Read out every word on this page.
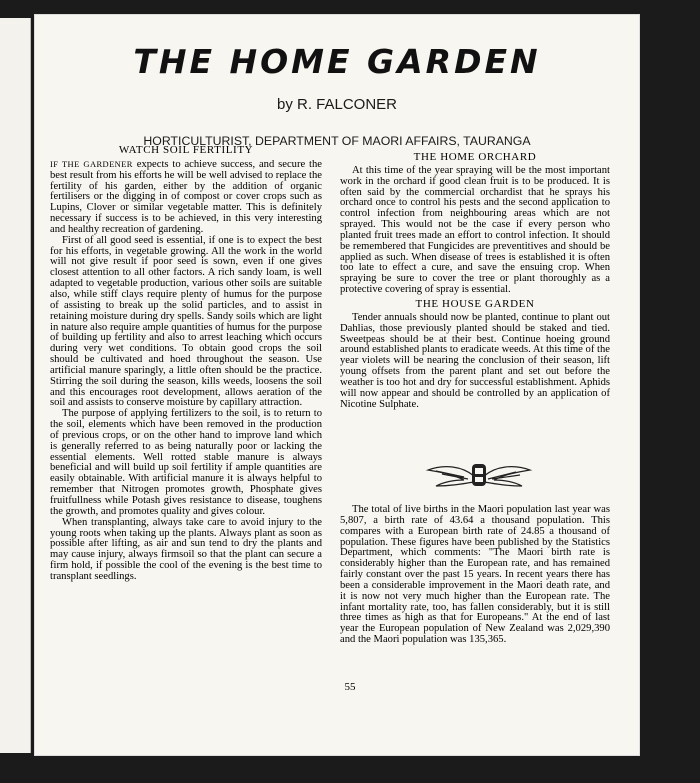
THE HOME GARDEN

by R. FALCONER

HORTICULTURIST, DEPARTMENT OF MAORI AFFAIRS, TAURANGA

WATCH SOIL FERTILITY

IF THE GARDENER expects to achieve success, and secure the best result from his efforts he will be well advised to replace the fertility of his garden, either by the addition of organic fertilisers or the digging in of compost or cover crops such as Lupins, Clover or similar vegetable matter. This is definitely necessary if success is to be achieved, in this very interesting and healthy recreation of gardening.

First of all good seed is essential, if one is to expect the best for his efforts, in vegetable growing. All the work in the world will not give result if poor seed is sown, even if one gives closest attention to all other factors. A rich sandy loam, is well adapted to vegetable production, various other soils are suitable also, while stiff clays require plenty of humus for the purpose of assisting to break up the solid particles, and to assist in retaining moisture during dry spells. Sandy soils which are light in nature also require ample quantities of humus for the purpose of building up fertility and also to arrest leaching which occurs during very wet conditions. To obtain good crops the soil should be cultivated and hoed throughout the season. Use artificial manure sparingly, a little often should be the practice. Stirring the soil during the season, kills weeds, loosens the soil and this encourages root development, allows aeration of the soil and assists to conserve moisture by capillary attraction.

The purpose of applying fertilizers to the soil, is to return to the soil, elements which have been removed in the production of previous crops, or on the other hand to improve land which is generally referred to as being naturally poor or lacking the essential elements. Well rotted stable manure is always beneficial and will build up soil fertility if ample quantities are easily obtainable. With artificial manure it is always helpful to remember that Nitrogen promotes growth, Phosphate gives fruitfullness while Potash gives resistance to disease, toughens the growth, and promotes quality and gives colour.

When transplanting, always take care to avoid injury to the young roots when taking up the plants. Always plant as soon as possible after lifting, as air and sun tend to dry the plants and may cause injury, always firmsoil so that the plant can secure a firm hold, if possible the cool of the evening is the best time to transplant seedlings.

THE HOME ORCHARD

At this time of the year spraying will be the most important work in the orchard if good clean fruit is to be produced. It is often said by the commercial orchardist that he sprays his orchard once to control his pests and the second application to control infection from neighbouring areas which are not sprayed. This would not be the case if every person who planted fruit trees made an effort to control infection. It should be remembered that Fungicides are preventitives and should be applied as such. When disease of trees is established it is often too late to effect a cure, and save the ensuing crop. When spraying be sure to cover the tree or plant thoroughly as a protective covering of spray is essential.

THE HOUSE GARDEN

Tender annuals should now be planted, continue to plant out Dahlias, those previously planted should be staked and tied. Sweetpeas should be at their best. Continue hoeing ground around established plants to eradicate weeds. At this time of the year violets will be nearing the conclusion of their season, lift young offsets from the parent plant and set out before the weather is too hot and dry for successful establishment. Aphids will now appear and should be controlled by an application of Nicotine Sulphate.

The total of live births in the Maori population last year was 5,807, a birth rate of 43.64 a thousand population. This compares with a European birth rate of 24.85 a thousand of population. These figures have been published by the Statistics Department, which comments: "The Maori birth rate is considerably higher than the European rate, and has remained fairly constant over the past 15 years. In recent years there has been a considerable improvement in the Maori death rate, and it is now not very much higher than the European rate. The infant mortality rate, too, has fallen considerably, but it is still three times as high as that for Europeans." At the end of last year the European population of New Zealand was 2,029,390 and the Maori population was 135,365.

55
